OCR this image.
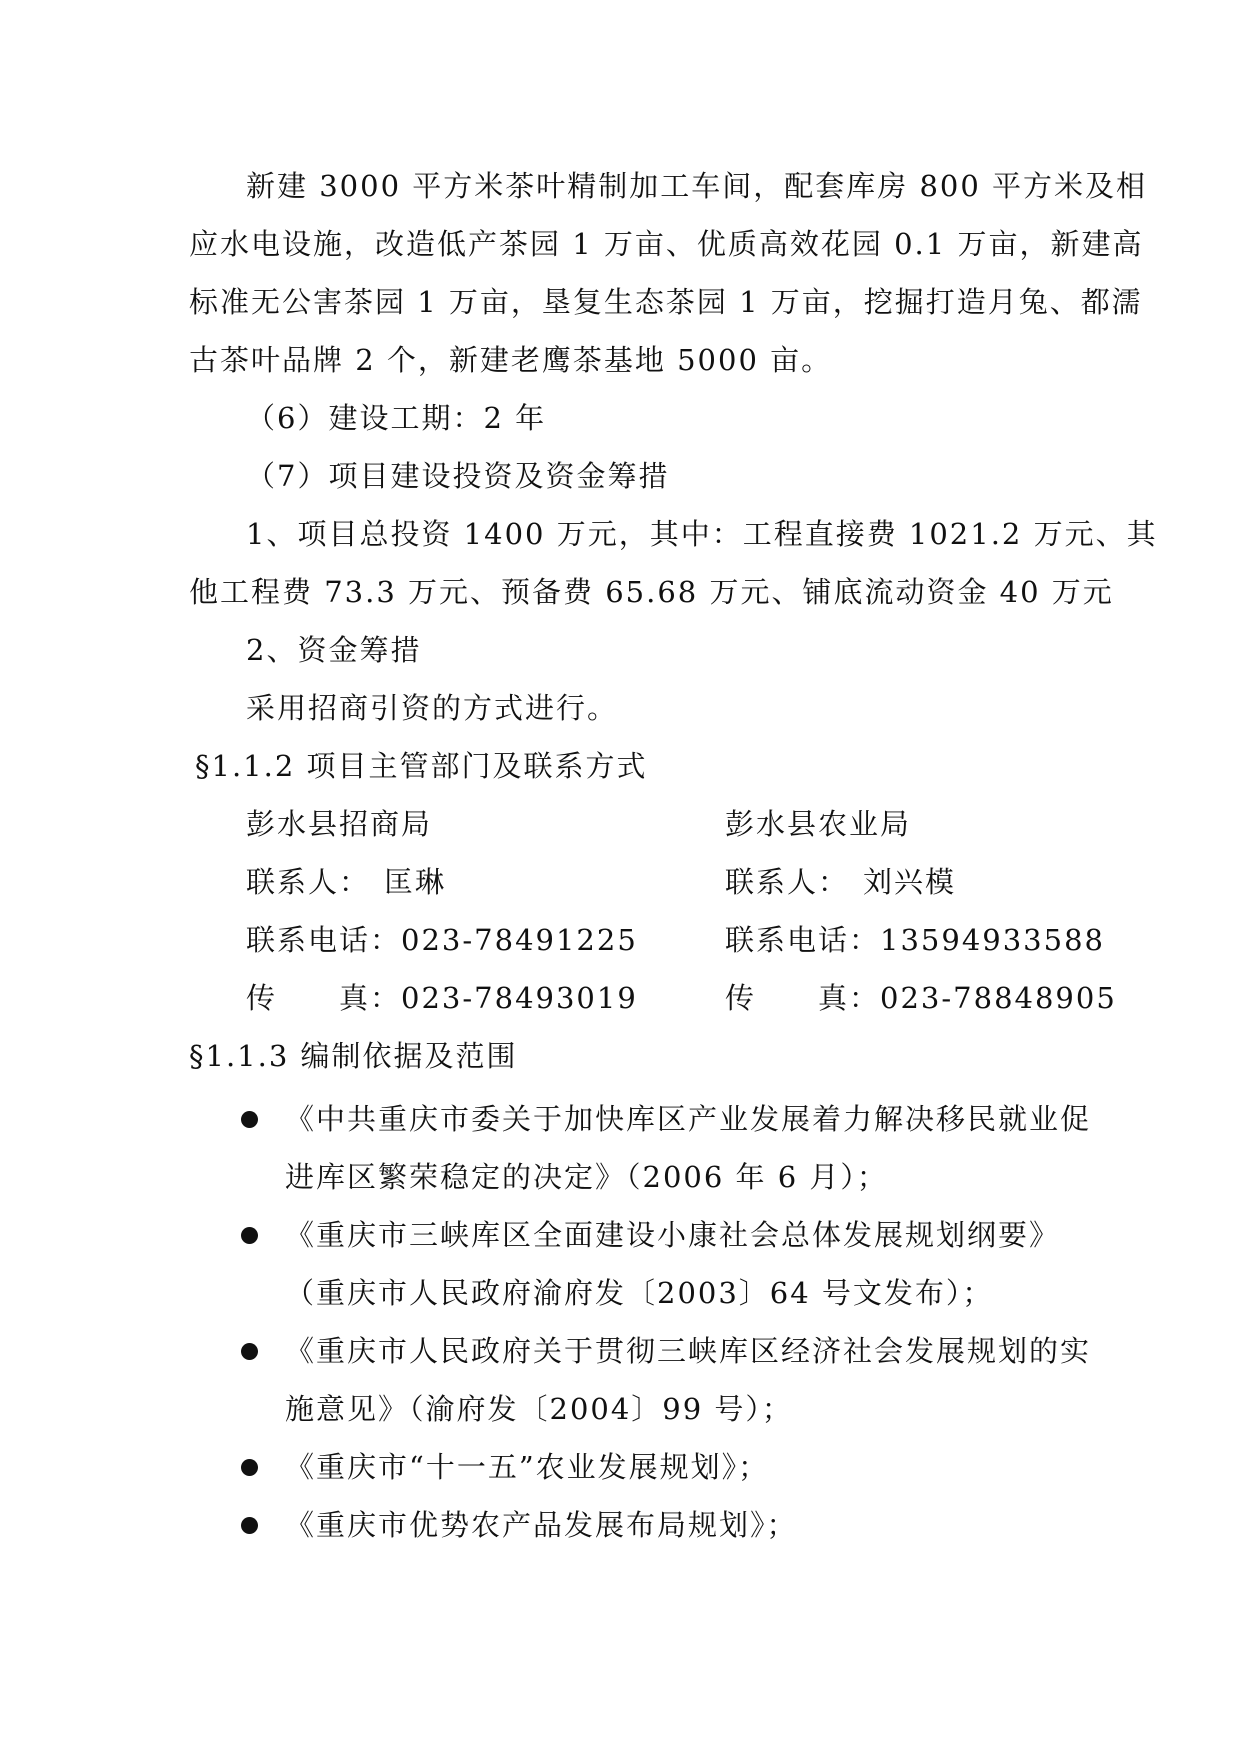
新建 3000 平方米茶叶精制加工车间，配套库房 800 平方米及相
应水电设施，改造低产茶园 1 万亩、优质高效花园 0.1 万亩，新建高
标准无公害茶园 1 万亩，垦复生态茶园 1 万亩，挖掘打造月兔、都濡
古茶叶品牌 2 个，新建老鹰茶基地 5000 亩。
（6）建设工期：2 年
（7）项目建设投资及资金筹措
1、项目总投资 1400 万元，其中：工程直接费 1021.2 万元、其
他工程费 73.3 万元、预备费 65.68 万元、铺底流动资金 40 万元
2、资金筹措
采用招商引资的方式进行。
§1.1.2 项目主管部门及联系方式
彭水县招商局
联系人： 匡琳
联系电话：023-78491225
传　　真：023-78493019
彭水县农业局
联系人： 刘兴模
联系电话：13594933588
传　　真：023-78848905
§1.1.3 编制依据及范围
《中共重庆市委关于加快库区产业发展着力解决移民就业促
进库区繁荣稳定的决定》（2006 年 6 月）；
《重庆市三峡库区全面建设小康社会总体发展规划纲要》
（重庆市人民政府渝府发〔2003〕64 号文发布）；
《重庆市人民政府关于贯彻三峡库区经济社会发展规划的实
施意见》（渝府发〔2004〕99 号）；
《重庆市“十一五”农业发展规划》；
《重庆市优势农产品发展布局规划》；
